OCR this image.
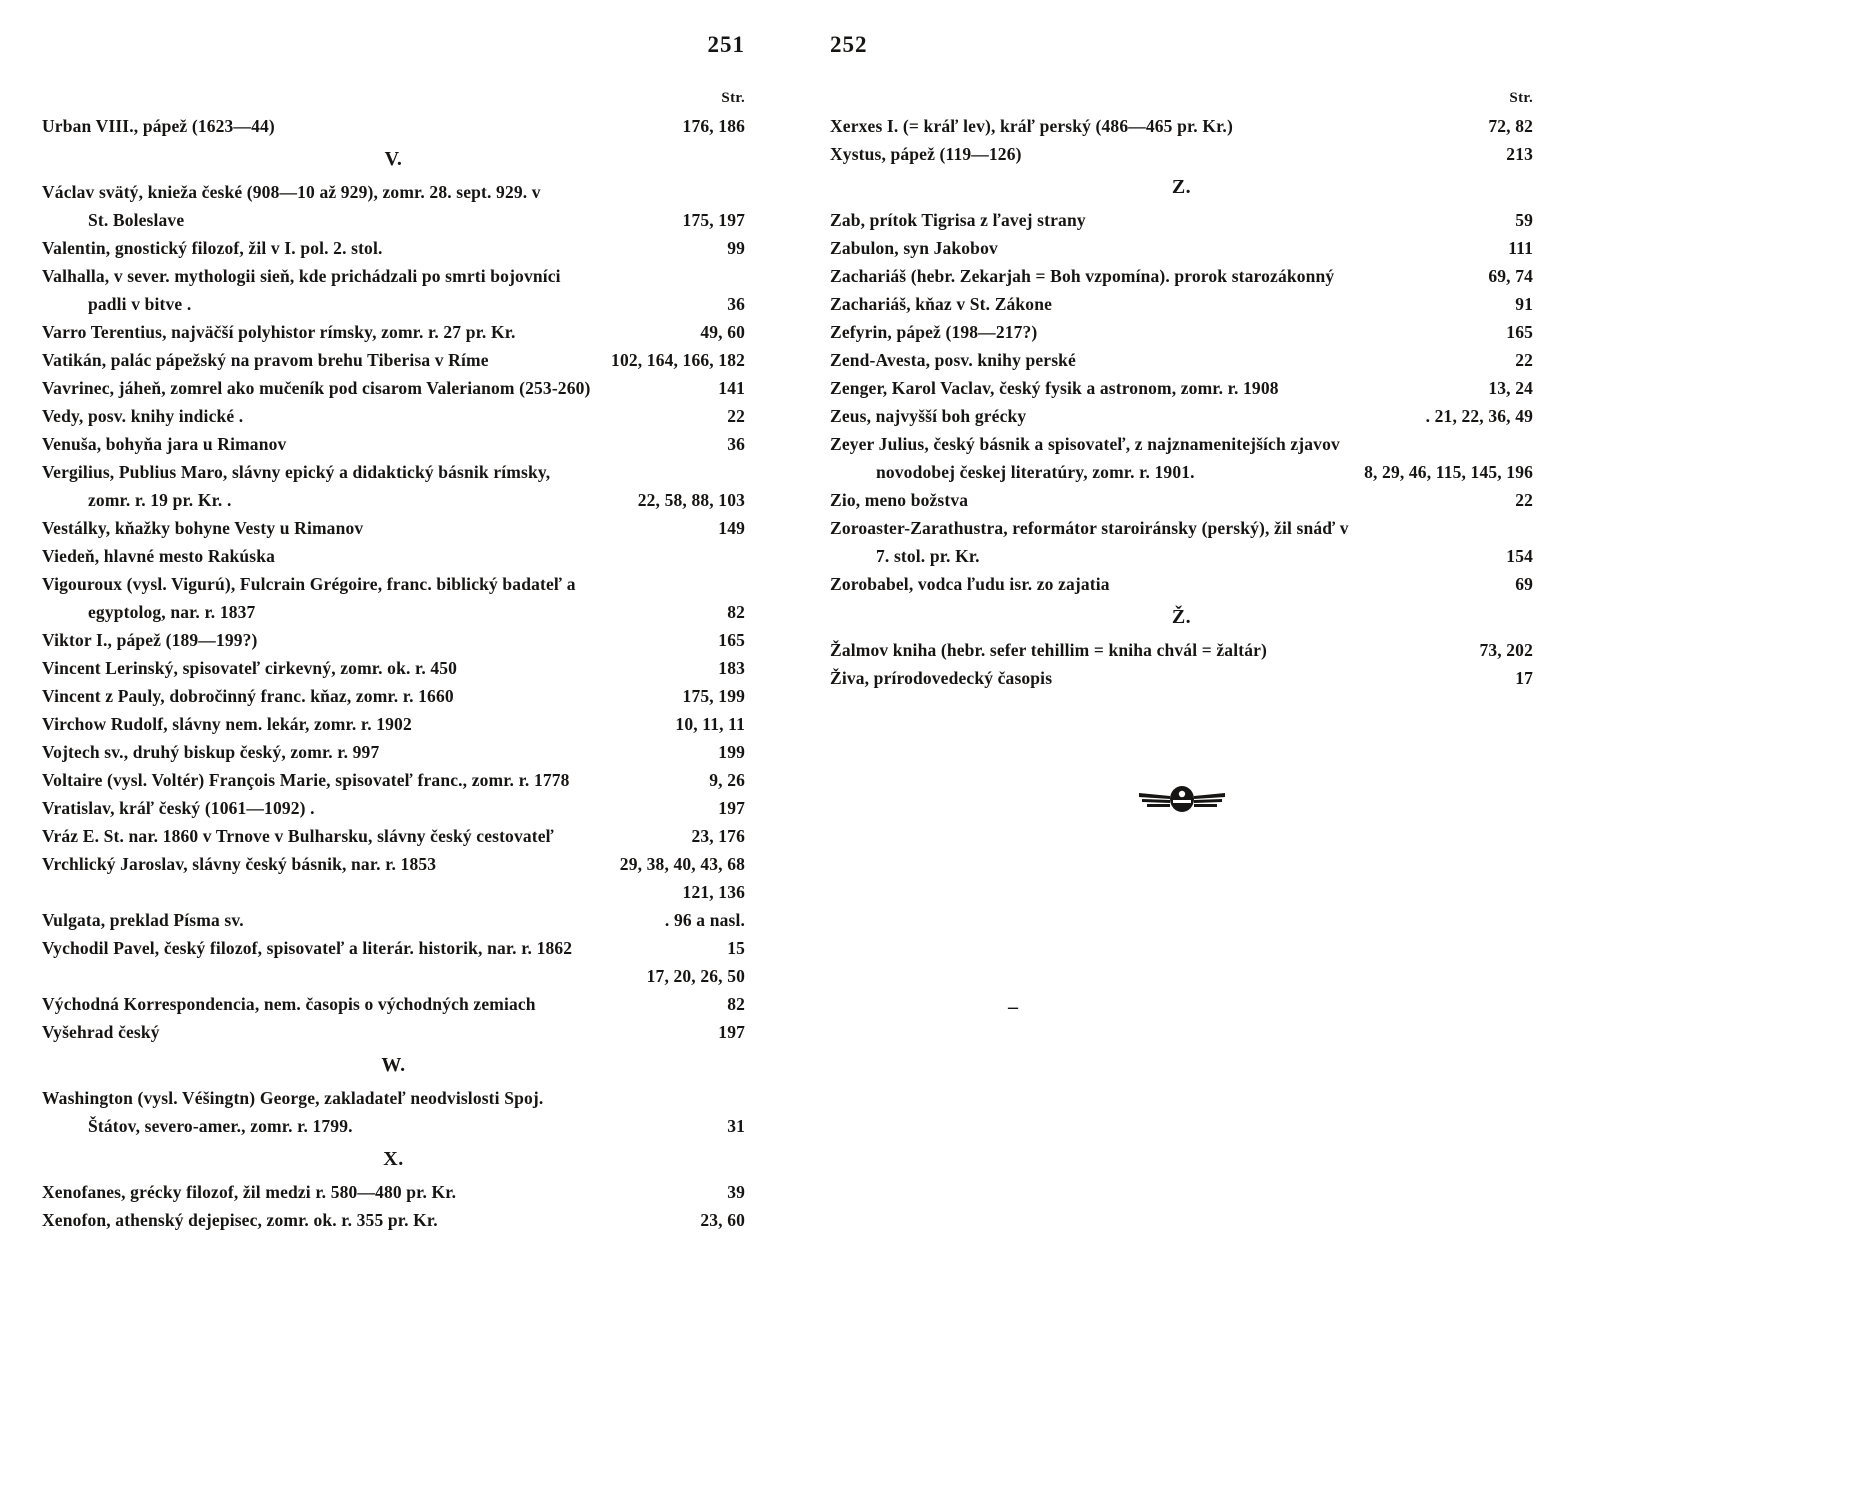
251	252
Str.
Urban VIII., pápež (1623—44)	176, 186
V.
Václav svätý, knieža české (908—10 až 929), zomr. 28. sept. 929. v
St. Boleslave	175, 197
Valentin, gnostický filozof, žil v I. pol. 2. stol.	99
Valhalla, v sever. mythologii sieň, kde prichádzali po smrti bojovníci
padli v bitve .	36
Varro Terentius, najväčší polyhistor rímsky, zomr. r. 27 pr. Kr.	49, 60
Vatikán, palác pápežský na pravom brehu Tiberisa v Ríme	102, 164, 166, 182
Vavrinec, jáheň, zomrel ako mučeník pod cisarom Valerianom (253-260)	141
Vedy, posv. knihy indické .	22
Venuša, bohyňa jara u Rimanov	36
Vergilius, Publius Maro, slávny epický a didaktický básnik rímsky,
zomr. r. 19 pr. Kr. .	22, 58, 88, 103
Vestálky, kňažky bohyne Vesty u Rimanov	149
Viedeň, hlavné mesto Rakúska
Vigouroux (vysl. Vigurú), Fulcrain Grégoire, franc. biblický badateľ a
egyptolog, nar. r. 1837	82
Viktor I., pápež (189—199?)	165
Vincent Lerinský, spisovateľ cirkevný, zomr. ok. r. 450	183
Vincent z Pauly, dobročinný franc. kňaz, zomr. r. 1660	175, 199
Virchow Rudolf, slávny nem. lekár, zomr. r. 1902	10, 11, 11
Vojtech sv., druhý biskup český, zomr. r. 997	199
Voltaire (vysl. Voltér) François Marie, spisovateľ franc., zomr. r. 1778	9, 26
Vratislav, kráľ český (1061—1092) .	197
Vráz E. St. nar. 1860 v Trnove v Bulharsku, slávny český cestovateľ	23, 176
Vrchlický Jaroslav, slávny český básnik, nar. r. 1853	29, 38, 40, 43, 68
121, 136
Vulgata, preklad Písma sv.	. 96 a nasl.
Vychodil Pavel, český filozof, spisovateľ a literár. historik, nar. r. 1862	15
17, 20, 26, 50
Východná Korrespondencia, nem. časopis o východných zemiach	82
Vyšehrad český	197
W.
Washington (vysl. Véšingtn) George, zakladateľ neodvislosti Spoj.
Štátov, severo-amer., zomr. r. 1799.	31
X.
Xenofanes, grécky filozof, žil medzi r. 580—480 pr. Kr.	39
Xenofon, athenský dejepisec, zomr. ok. r. 355 pr. Kr.	23, 60
Str.
Xerxes I. (= kráľ lev), kráľ perský (486—465 pr. Kr.)	72, 82
Xystus, pápež (119—126)	213
Z.
Zab, prítok Tigrisa z ľavej strany	59
Zabulon, syn Jakobov	111
Zachariáš (hebr. Zekarjah = Boh vzpomína). prorok starozákonný	69, 74
Zachariáš, kňaz v St. Zákone	91
Zefyrin, pápež (198—217?)	165
Zend-Avesta, posv. knihy perské	22
Zenger, Karol Vaclav, český fysik a astronom, zomr. r. 1908	13, 24
Zeus, najvyšší boh grécky	. 21, 22, 36, 49
Zeyer Julius, český básnik a spisovateľ, z najznamenitejších zjavov
novodobej českej literatúry, zomr. r. 1901.	8, 29, 46, 115, 145, 196
Zio, meno božstva	22
Zoroaster-Zarathustra, reformátor staroiránsky (perský), žil snáď v
7. stol. pr. Kr.	154
Zorobabel, vodca ľudu isr. zo zajatia	69
Ž.
Žalmov kniha (hebr. sefer tehillim = kniha chvál = žaltár)	73, 202
Živa, prírodovedecký časopis	17
–
